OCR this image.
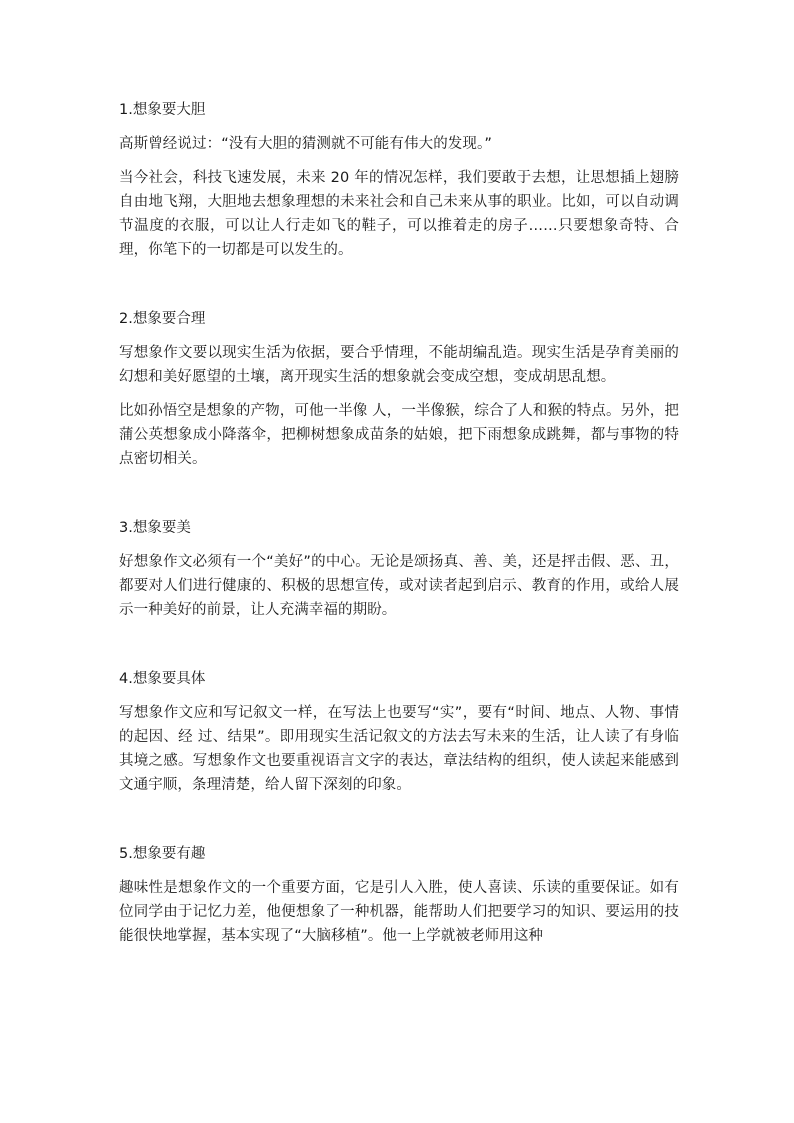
1.想象要大胆

高斯曾经说过：“没有大胆的猜测就不可能有伟大的发现。”

当今社会，科技飞速发展，未来 20 年的情况怎样，我们要敢于去想，让思想插上翅膀自由地飞翔，大胆地去想象理想的未来社会和自己未来从事的职业。比如，可以自动调节温度的衣服，可以让人行走如飞的鞋子，可以推着走的房子……只要想象奇特、合理，你笔下的一切都是可以发生的。

2.想象要合理

写想象作文要以现实生活为依据，要合乎情理，不能胡编乱造。现实生活是孕育美丽的幻想和美好愿望的土壤，离开现实生活的想象就会变成空想，变成胡思乱想。

比如孙悟空是想象的产物，可他一半像 人，一半像猴，综合了人和猴的特点。另外，把蒲公英想象成小降落伞，把柳树想象成苗条的姑娘，把下雨想象成跳舞，都与事物的特点密切相关。

3.想象要美

好想象作文必须有一个“美好”的中心。无论是颂扬真、善、美，还是抨击假、恶、丑，都要对人们进行健康的、积极的思想宣传，或对读者起到启示、教育的作用，或给人展示一种美好的前景，让人充满幸福的期盼。

4.想象要具体

写想象作文应和写记叙文一样，在写法上也要写“实”，要有“时间、地点、人物、事情的起因、经 过、结果”。即用现实生活记叙文的方法去写未来的生活，让人读了有身临其境之感。写想象作文也要重视语言文字的表达，章法结构的组织，使人读起来能感到文通宇顺，条理清楚，给人留下深刻的印象。

5.想象要有趣

趣味性是想象作文的一个重要方面，它是引人入胜，使人喜读、乐读的重要保证。如有位同学由于记忆力差，他便想象了一种机器，能帮助人们把要学习的知识、要运用的技能很快地掌握，基本实现了“大脑移植”。他一上学就被老师用这种
